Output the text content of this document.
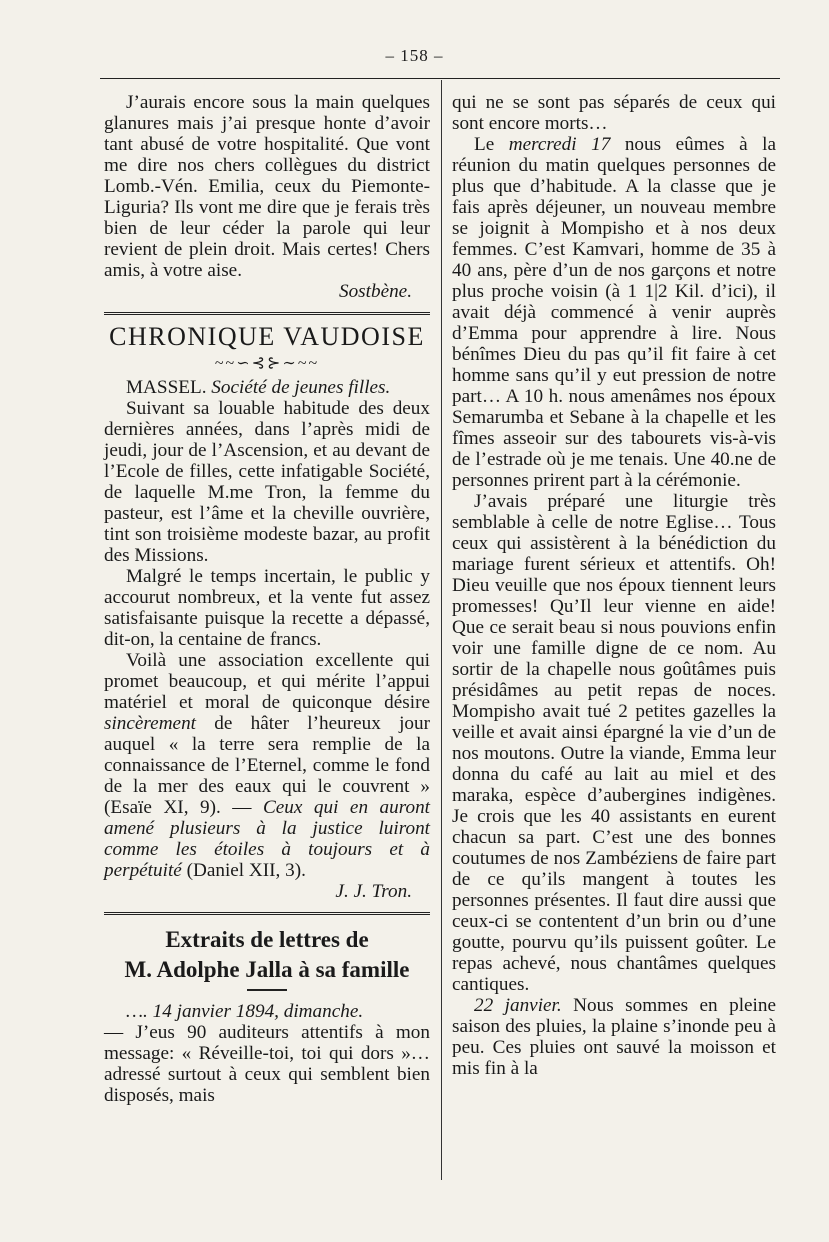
– 158 –

J’aurais encore sous la main quelques glanures mais j’ai presque honte d’avoir tant abusé de votre hospitalité. Que vont me dire nos chers collègues du district Lomb.-Vén. Emilia, ceux du Piemonte-Liguria? Ils vont me dire que je ferais très bien de leur céder la parole qui leur revient de plein droit. Mais certes! Chers amis, à votre aise.

Sostbène.

CHRONIQUE VAUDOISE
~~∽⊰⊱∼~~

MASSEL. Société de jeunes filles.

Suivant sa louable habitude des deux dernières années, dans l’après midi de jeudi, jour de l’Ascension, et au devant de l’Ecole de filles, cette infatigable Société, de laquelle M.me Tron, la femme du pasteur, est l’âme et la cheville ouvrière, tint son troisième modeste bazar, au profit des Missions.

Malgré le temps incertain, le public y accourut nombreux, et la vente fut assez satisfaisante puisque la recette a dépassé, dit-on, la centaine de francs.

Voilà une association excellente qui promet beaucoup, et qui mérite l’appui matériel et moral de quiconque désire sincèrement de hâter l’heureux jour auquel « la terre sera remplie de la connaissance de l’Eternel, comme le fond de la mer des eaux qui le couvrent » (Esaïe XI, 9). — Ceux qui en auront amené plusieurs à la justice luiront comme les étoiles à toujours et à perpétuité (Daniel XII, 3).

J. J. Tron.

Extraits de lettres de
M. Adolphe Jalla à sa famille

…. 14 janvier 1894, dimanche.

— J’eus 90 auditeurs attentifs à mon message: « Réveille-toi, toi qui dors »… adressé surtout à ceux qui semblent bien disposés, mais

qui ne se sont pas séparés de ceux qui sont encore morts…

Le mercredi 17 nous eûmes à la réunion du matin quelques personnes de plus que d’habitude. A la classe que je fais après déjeuner, un nouveau membre se joignit à Mompisho et à nos deux femmes. C’est Kamvari, homme de 35 à 40 ans, père d’un de nos garçons et notre plus proche voisin (à 1 1|2 Kil. d’ici), il avait déjà commencé à venir auprès d’Emma pour apprendre à lire. Nous bénîmes Dieu du pas qu’il fit faire à cet homme sans qu’il y eut pression de notre part… A 10 h. nous amenâmes nos époux Semarumba et Sebane à la chapelle et les fîmes asseoir sur des tabourets vis-à-vis de l’estrade où je me tenais. Une 40.ne de personnes prirent part à la cérémonie.

J’avais préparé une liturgie très semblable à celle de notre Eglise… Tous ceux qui assistèrent à la bénédiction du mariage furent sérieux et attentifs. Oh! Dieu veuille que nos époux tiennent leurs promesses! Qu’Il leur vienne en aide! Que ce serait beau si nous pouvions enfin voir une famille digne de ce nom. Au sortir de la chapelle nous goûtâmes puis présidâmes au petit repas de noces. Mompisho avait tué 2 petites gazelles la veille et avait ainsi épargné la vie d’un de nos moutons. Outre la viande, Emma leur donna du café au lait au miel et des maraka, espèce d’aubergines indigènes. Je crois que les 40 assistants en eurent chacun sa part. C’est une des bonnes coutumes de nos Zambéziens de faire part de ce qu’ils mangent à toutes les personnes présentes. Il faut dire aussi que ceux-ci se contentent d’un brin ou d’une goutte, pourvu qu’ils puissent goûter. Le repas achevé, nous chantâmes quelques cantiques.

22 janvier. Nous sommes en pleine saison des pluies, la plaine s’inonde peu à peu. Ces pluies ont sauvé la moisson et mis fin à la
